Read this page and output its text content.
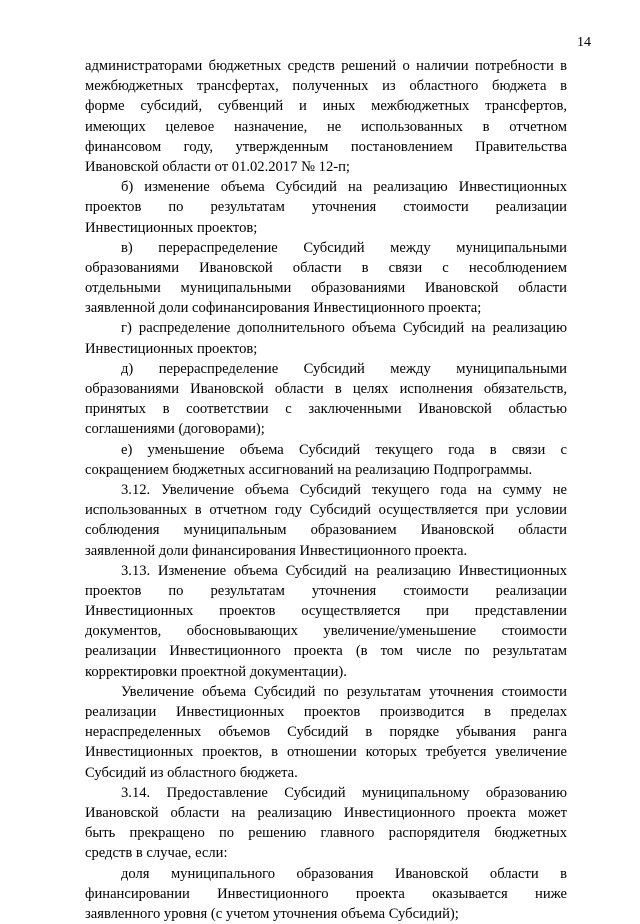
14
администраторами бюджетных средств решений о наличии потребности в
межбюджетных трансфертах, полученных из областного бюджета в
форме субсидий, субвенций и иных межбюджетных трансфертов,
имеющих целевое назначение, не использованных в отчетном
финансовом году, утвержденным постановлением Правительства
Ивановской области от 01.02.2017 № 12-п;
б) изменение объема Субсидий на реализацию Инвестиционных
проектов по результатам уточнения стоимости реализации
Инвестиционных проектов;
в) перераспределение Субсидий между муниципальными
образованиями Ивановской области в связи с несоблюдением
отдельными муниципальными образованиями Ивановской области
заявленной доли софинансирования Инвестиционного проекта;
г) распределение дополнительного объема Субсидий на реализацию
Инвестиционных проектов;
д) перераспределение Субсидий между муниципальными
образованиями Ивановской области в целях исполнения обязательств,
принятых в соответствии с заключенными Ивановской областью
соглашениями (договорами);
е) уменьшение объема Субсидий текущего года в связи с
сокращением бюджетных ассигнований на реализацию Подпрограммы.
3.12. Увеличение объема Субсидий текущего года на сумму не
использованных в отчетном году Субсидий осуществляется при условии
соблюдения муниципальным образованием Ивановской области
заявленной доли финансирования Инвестиционного проекта.
3.13. Изменение объема Субсидий на реализацию Инвестиционных
проектов по результатам уточнения стоимости реализации
Инвестиционных проектов осуществляется при представлении
документов, обосновывающих увеличение/уменьшение стоимости
реализации Инвестиционного проекта (в том числе по результатам
корректировки проектной документации).
Увеличение объема Субсидий по результатам уточнения стоимости
реализации Инвестиционных проектов производится в пределах
нераспределенных объемов Субсидий в порядке убывания ранга
Инвестиционных проектов, в отношении которых требуется увеличение
Субсидий из областного бюджета.
3.14. Предоставление Субсидий муниципальному образованию
Ивановской области на реализацию Инвестиционного проекта может
быть прекращено по решению главного распорядителя бюджетных
средств в случае, если:
доля муниципального образования Ивановской области в
финансировании Инвестиционного проекта оказывается ниже
заявленного уровня (с учетом уточнения объема Субсидий);
